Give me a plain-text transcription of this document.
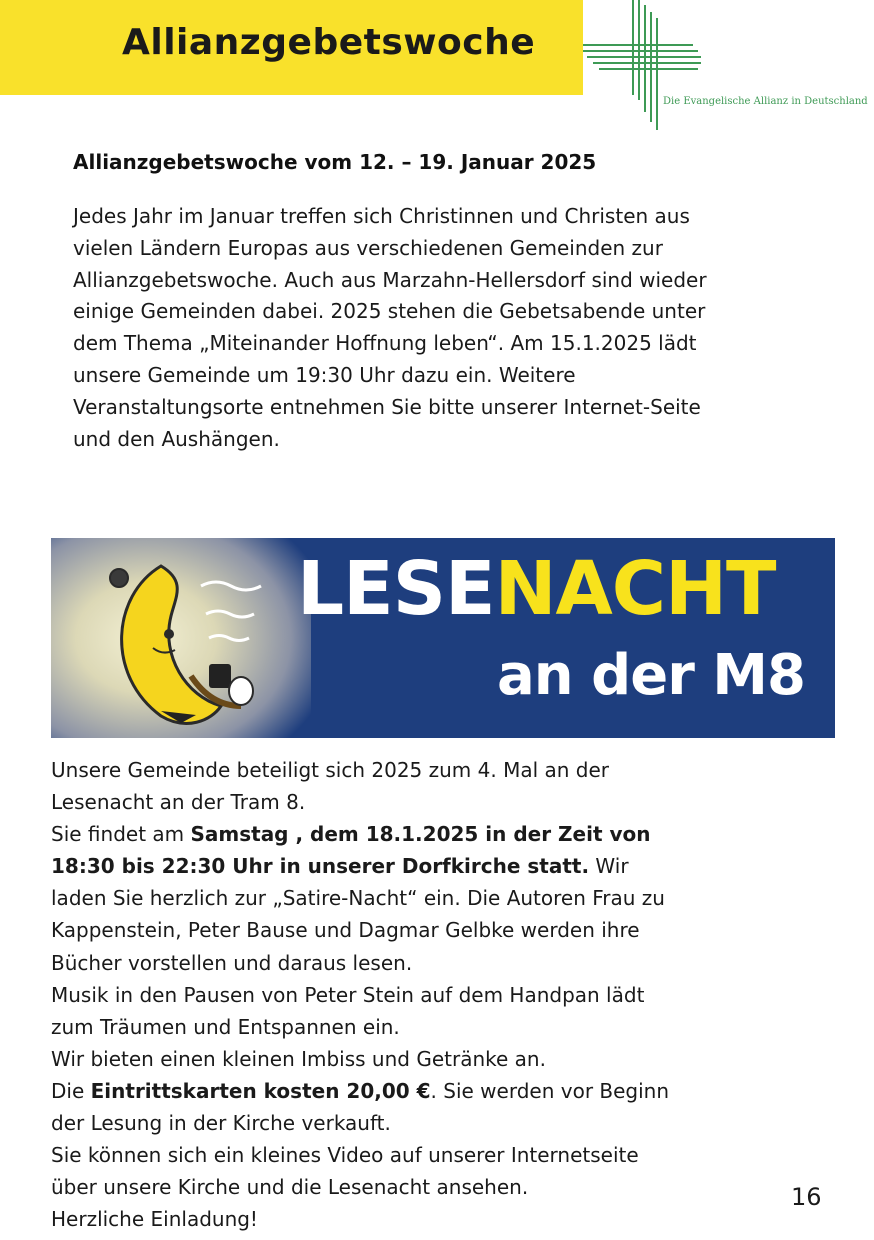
Allianzgebetswoche
Die Evangelische Allianz in Deutschland
Allianzgebetswoche vom 12. – 19. Januar 2025

Jedes Jahr im Januar treffen sich Christinnen und Christen aus

vielen Ländern Europas aus verschiedenen Gemeinden zur

Allianzgebetswoche. Auch aus Marzahn-Hellersdorf sind wieder

einige Gemeinden dabei. 2025 stehen die Gebetsabende unter

dem Thema „Miteinander Hoffnung leben“. Am 15.1.2025 lädt

unsere Gemeinde um 19:30 Uhr dazu ein. Weitere

Veranstaltungsorte entnehmen Sie bitte unserer Internet-Seite

und den Aushängen.

LESENACHT
an der M8
Unsere Gemeinde beteiligt sich 2025 zum 4. Mal an der
Lesenacht an der Tram 8.
Sie findet am Samstag , dem 18.1.2025 in der Zeit von
18:30 bis 22:30 Uhr in unserer Dorfkirche statt. Wir
laden Sie herzlich zur „Satire-Nacht“ ein. Die Autoren Frau zu
Kappenstein, Peter Bause und Dagmar Gelbke werden ihre
Bücher vorstellen und daraus lesen.
Musik in den Pausen von Peter Stein auf dem Handpan lädt
zum Träumen und Entspannen ein.
Wir bieten einen kleinen Imbiss und Getränke an.
Die Eintrittskarten kosten 20,00 €. Sie werden vor Beginn
der Lesung in der Kirche verkauft.
Sie können sich ein kleines Video auf unserer Internetseite
über unsere Kirche und die Lesenacht ansehen.
Herzliche Einladung!
16
